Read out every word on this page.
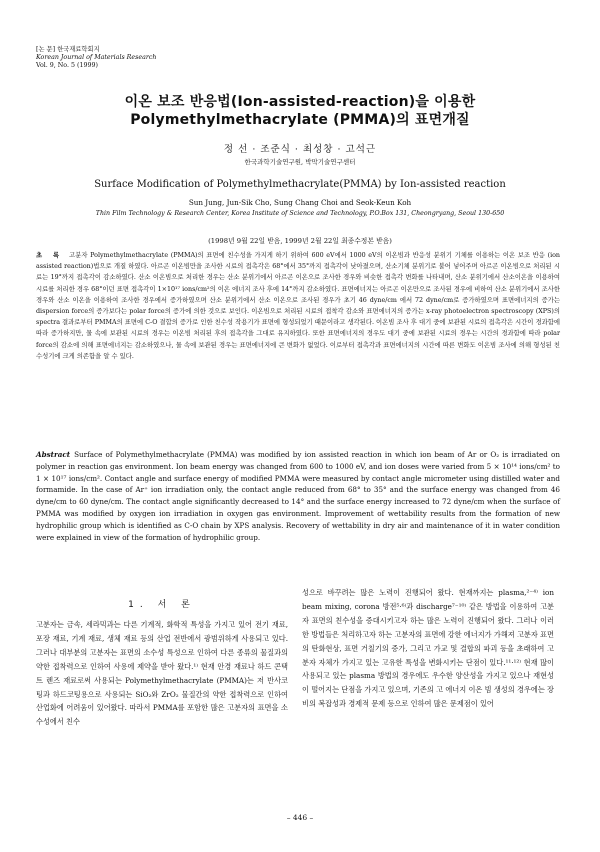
[논 문] 한국재료학회지
Korean Journal of Materials Research
Vol. 9, No. 5 (1999)
이온 보조 반응법(Ion-assisted-reaction)을 이용한
Polymethylmethacrylate (PMMA)의 표면개질
정 선 · 조준식 · 최성창 · 고석근
한국과학기술연구원, 박막기술연구센터
Surface Modification of Polymethylmethacrylate(PMMA) by Ion-assisted reaction
Sun Jung, Jun-Sik Cho, Sung Chang Choi and Seok-Keun Koh
Thin Film Technology & Research Center, Korea Institute of Science and Technology, P.O.Box 131, Cheongryang, Seoul 130-650
(1998년 9월 22일 받음, 1999년 2월 22일 최종수정본 받음)

초 록 고분자 Polymethylmethacrylate (PMMA)의 표면에 친수성을 가지게 하기 위하여 600 eV에서 1000 eV의 이온빔과 반응성 분위기 기체를 이용하는 이온 보조 반응 (ion assisted reaction)법으로 개질 하였다. 아르곤 이온빔만을 조사한 시료의 접촉각은 68°에서 35°까지 접촉각이 낮아졌으며, 산소기체 분위기로 불어 넣어주며 아르곤 이온빔으로 처리된 시료는 19°까지 접촉각이 감소하였다. 산소 이온빔으로 처리한 경우는 산소 분위기에서 아르곤 이온으로 조사한 경우와 비슷한 접촉각 변화를 나타내며, 산소 분위기에서 산소이온을 이용하여 시료를 처리한 경우 68°이던 표면 접촉각이 1×10¹⁷ ions/cm²의 이온 에너지 조사 후에 14°까지 감소하였다. 표면에너지는 아르곤 이온만으로 조사된 경우에 비하여 산소 분위기에서 조사한 경우와 산소 이온을 이용하여 조사한 경우에서 증가하였으며 산소 분위기에서 산소 이온으로 조사된 경우가 초기 46 dyne/cm 에서 72 dyne/cm로 증가하였으며 표면에너지의 증가는 dispersion force의 증가보다는 polar force의 증가에 의한 것으로 보인다. 이온빔으로 처리된 시료의 접착각 감소와 표면에너지의 증가는 x-ray photoelectron spectroscopy (XPS)의 spectra 결과로부터 PMMA의 표면에 C-O 결합의 증가로 인한 친수성 작용기가 표면에 형성되었기 때문이라고 생각된다. 이온빔 조사 후 대기 중에 보관된 시료의 접촉각은 시간이 경과함에 따라 증가하지만, 물 속에 보관된 시료의 경우는 이온빔 처리된 후의 접촉각을 그대로 유지하였다. 또한 표면에너지의 경우도 대기 중에 보관된 시료의 경우는 시간의 경과함에 따라 polar force의 감소에 의해 표면에너지는 감소하였으나, 물 속에 보관된 경우는 표면에너지에 큰 변화가 없었다. 이로부터 접촉각과 표면에너지의 시간에 따른 변화도 이온빔 조사에 의해 형성된 친수성기에 크게 의존함을 알 수 있다.

Abstract Surface of Polymethylmethacrylate (PMMA) was modified by ion assisted reaction in which ion beam of Ar or O₂ is irradiated on polymer in reaction gas environment. Ion beam energy was changed from 600 to 1000 eV, and ion doses were varied from 5 × 10¹⁴ ions/cm² to 1 × 10¹⁷ ions/cm². Contact angle and surface energy of modified PMMA were measured by contact angle micrometer using distilled water and formamide. In the case of Ar⁺ ion irradiation only, the contact angle reduced from 68° to 35° and the surface energy was changed from 46 dyne/cm to 60 dyne/cm. The contact angle significantly decreased to 14° and the surface energy increased to 72 dyne/cm when the surface of PMMA was modified by oxygen ion irradiation in oxygen gas environment. Improvement of wettability results from the formation of new hydrophilic group which is identified as C-O chain by XPS analysis. Recovery of wettability in dry air and maintenance of it in water condition were explained in view of the formation of hydrophilic group.

1. 서 론

고분자는 금속, 세라믹과는 다른 기계적, 화학적 특성을 가지고 있어 전기 재료, 포장 재료, 기계 재료, 생체 재료 등의 산업 전반에서 광범위하게 사용되고 있다. 그러나 대부분의 고분자는 표면의 소수성 특성으로 인하여 다른 종류의 물질과의 약한 접착력으로 인하여 사용에 제약을 받아 왔다.¹⁾ 현재 안경 재료나 하드 콘택트 렌즈 재료로써 사용되는 Polymethylmethacrylate (PMMA)는 저 반사코팅과 하드코팅용으로 사용되는 SiO₂와 ZrO₂ 물질간의 약한 접착력으로 인하여 산업화에 어려움이 있어왔다. 따라서 PMMA를 포함한 많은 고분자의 표면을 소수성에서 친수

성으로 바꾸려는 많은 노력이 진행되어 왔다. 현재까지는 plasma,²⁻⁴⁾ ion beam mixing, corona 방전⁵·⁶⁾과 discharge⁷⁻¹⁰⁾ 같은 방법을 이용하여 고분자 표면의 친수성을 증대시키고자 하는 많은 노력이 진행되어 왔다. 그러나 이러한 방법들은 처리하고자 하는 고분자의 표면에 강한 에너지가 가해져 고분자 표면의 탄화현상, 표면 거칠기의 증가, 그리고 가교 및 결합의 파괴 등을 초래하여 고분자 자체가 가지고 있는 고유한 특성을 변화시키는 단점이 있다.¹¹·¹²⁾ 현재 많이 사용되고 있는 plasma 방법의 경우에도 우수한 양산성을 가지고 있으나 재현성이 떨어지는 단점을 가지고 있으며, 기존의 고 에너지 이온 빔 생성의 경우에는 장비의 복잡성과 경제적 문제 등으로 인하여 많은 문제점이 있어

– 446 –
